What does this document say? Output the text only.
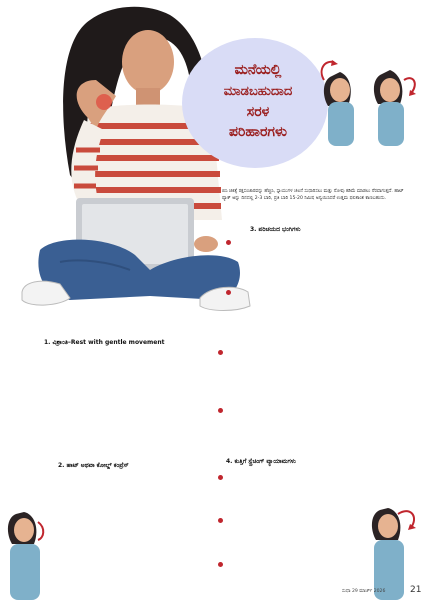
ಮನೆಯಲ್ಲಿ
ಮಾಡಬಹುದಾದ
ಸರಳ
ಪರಿಹಾರಗಳು
ಬಿಸಿ ಚಿಕಿತ್ಸೆ ರಕ್ತಸಂಚಾರವನ್ನು ಹೆಚ್ಚಿಸಿ, ಸ್ನಾಯುಗಳ ಚಲನೆ ಸುಧಾರಿಸಲು ಮತ್ತು ನೋವು ಕಡಿಮೆ ಮಾಡಲು ನೆರವಾಗುತ್ತದೆ. ಹಾಟ್ ಪ್ಯಾಕ್ ಅನ್ನು ದಿನದಲ್ಲಿ 2-3 ಬಾರಿ, ಪ್ರತಿ ಬಾರಿ 15-20 ನಿಮಿಷ ಅನ್ವಯಿಸಿದರೆ ಉತ್ತಮ ಫಲಿತಾಂಶ ಕಾಣಬಹುದು.
3. ಪರಿಚಯದ ಭಂಗಿಗಳು
1. ವಿಶ್ರಾಂತಿ–Rest with gentle movement
2. ಹಾಟ್ ಅಥವಾ ಕೋಲ್ಡ್ ಕಂಪ್ರೆಸ್
4. ಕುತ್ತಿಗೆ ಸ್ಟ್ರೆಚಿಂಗ್ ವ್ಯಾಯಾಮಗಳು
ಸುಧಾ 29 ಮಾರ್ಚ್ 2026	21
